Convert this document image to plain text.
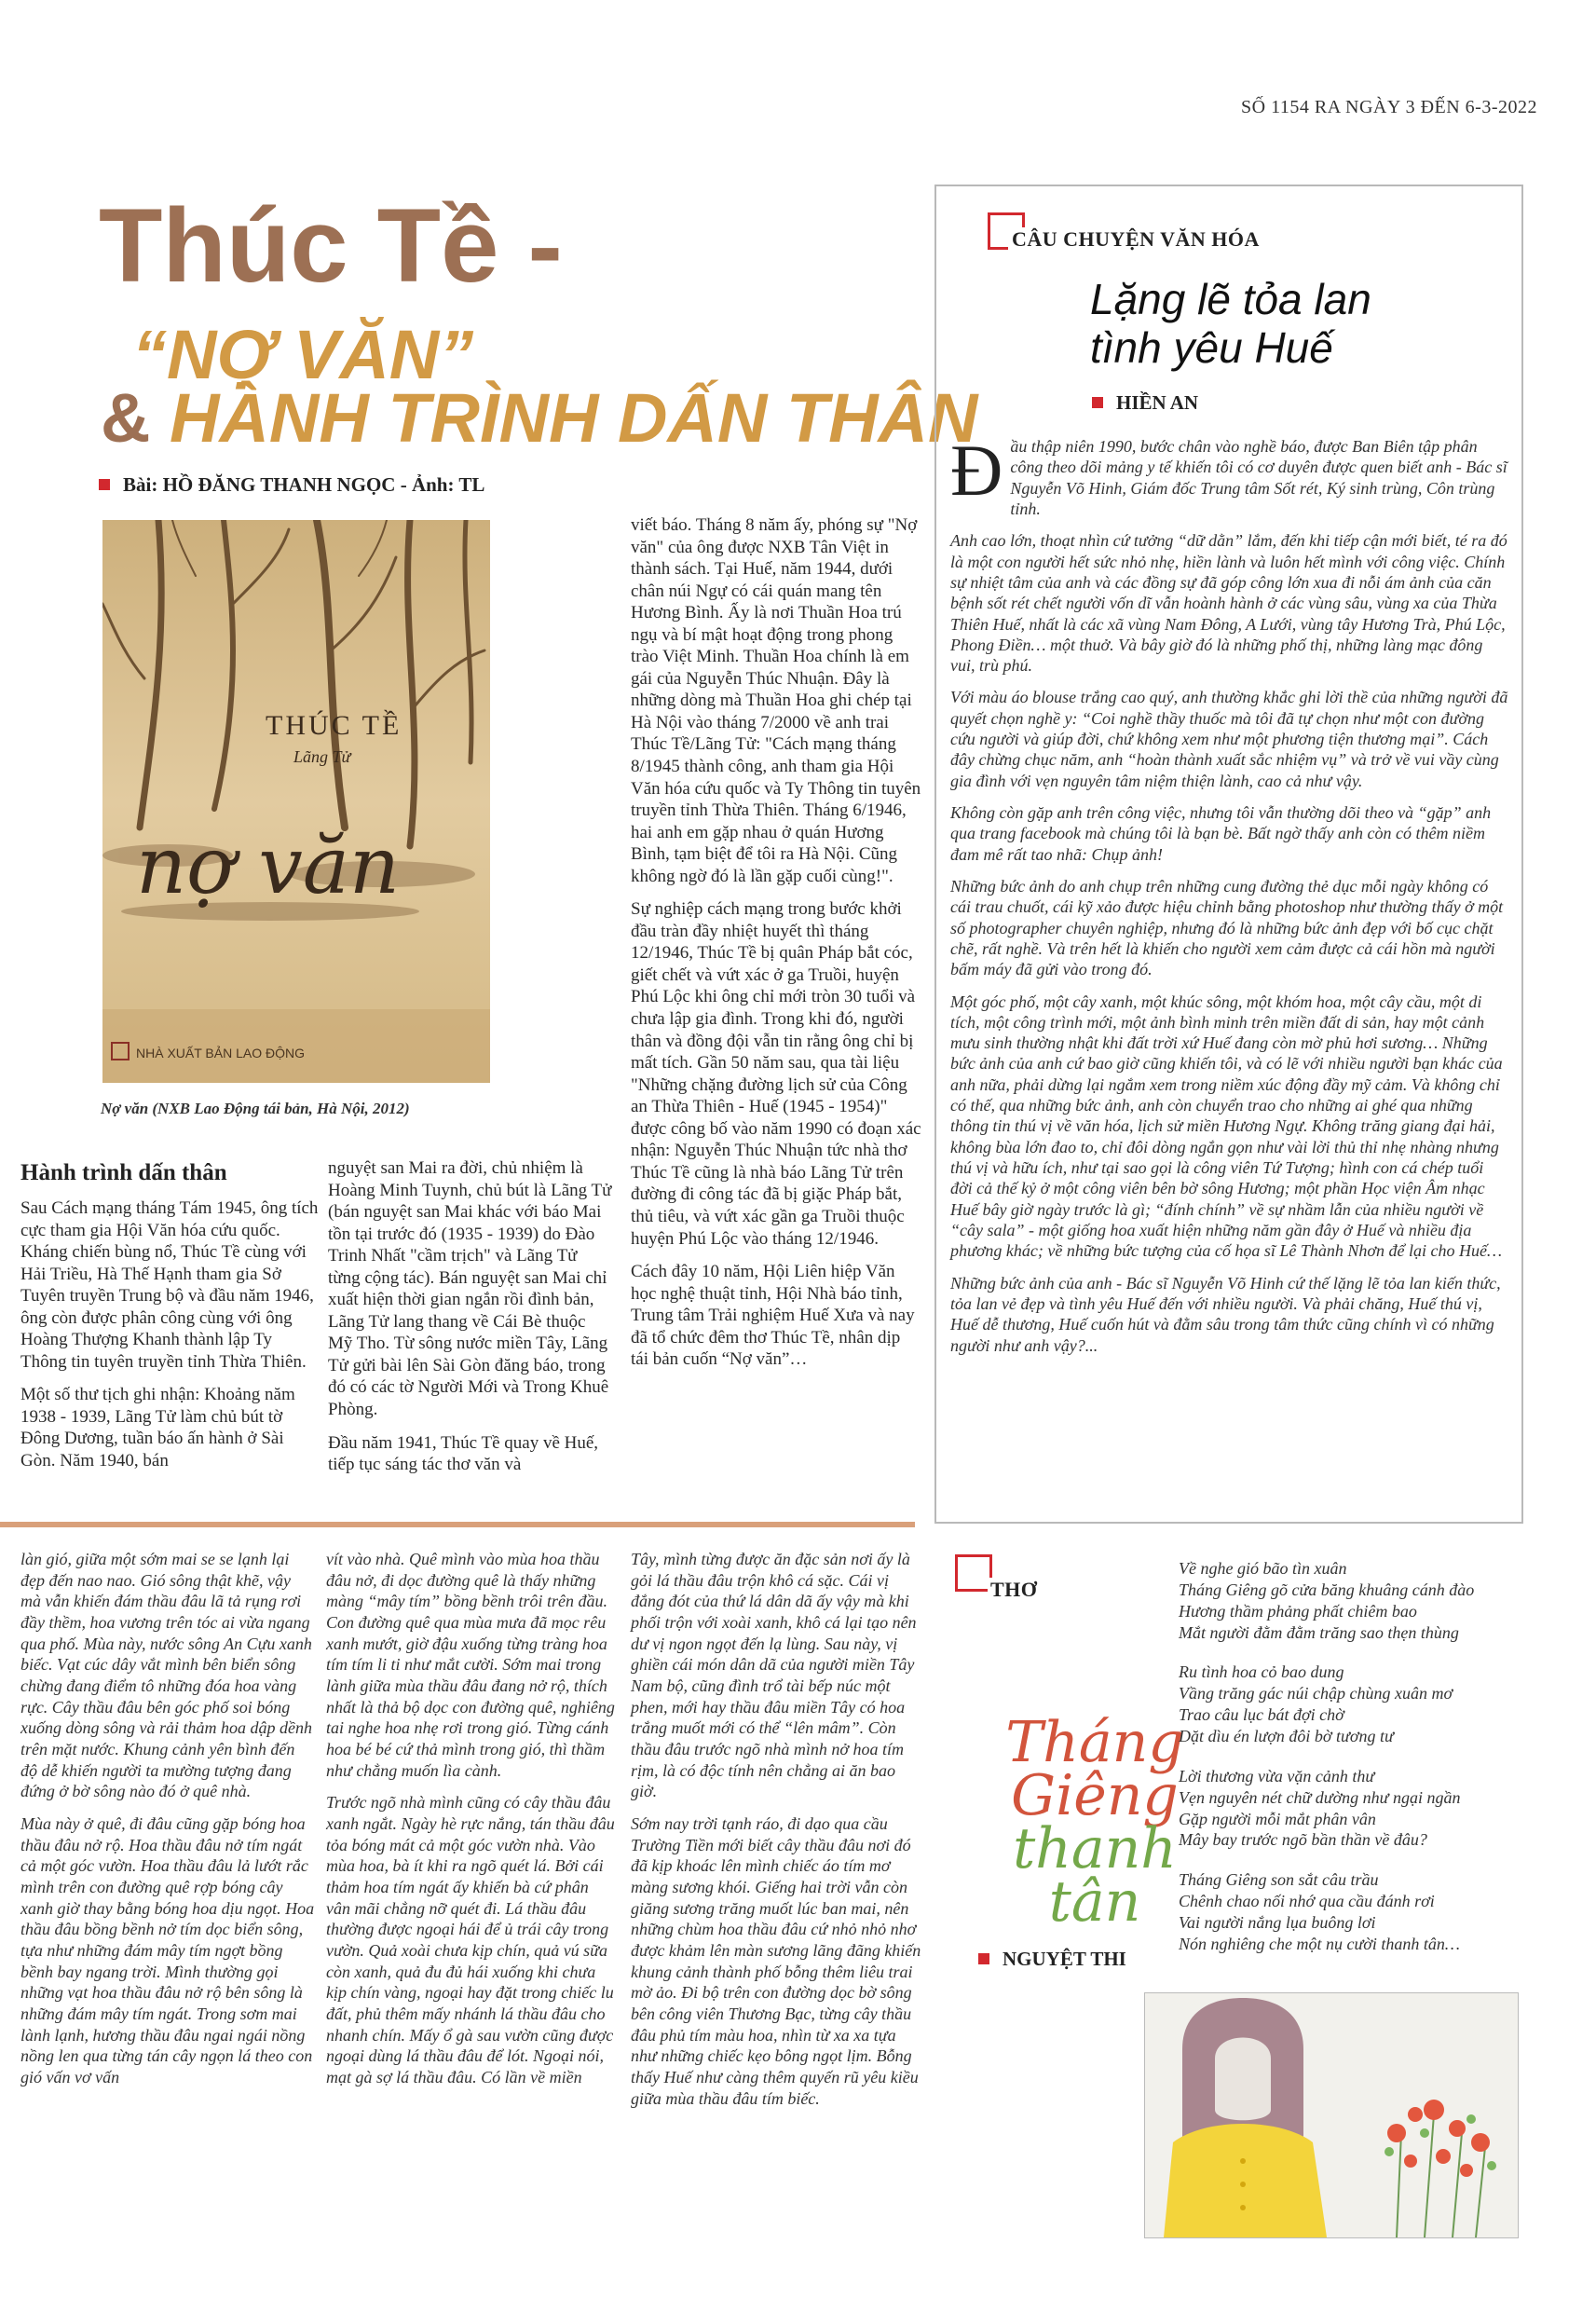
SỐ 1154 RA NGÀY 3 ĐẾN 6-3-2022
Thúc Tề -
“NỢ VĂN”
& HÀNH TRÌNH DẤN THÂN
Bài: HỒ ĐĂNG THANH NGỌC - Ảnh: TL
THÚC TỀ
Lãng Tử
nợ văn
NHÀ XUẤT BẢN LAO ĐỘNG
Nợ văn (NXB Lao Động tái bản, Hà Nội, 2012)
Hành trình dấn thân

Sau Cách mạng tháng Tám 1945, ông tích cực tham gia Hội Văn hóa cứu quốc. Kháng chiến bùng nổ, Thúc Tề cùng với Hải Triều, Hà Thế Hạnh tham gia Sở Tuyên truyền Trung bộ và đầu năm 1946, ông còn được phân công cùng với ông Hoàng Thượng Khanh thành lập Ty Thông tin tuyên truyền tỉnh Thừa Thiên.

Một số thư tịch ghi nhận: Khoảng năm 1938 - 1939, Lãng Tử làm chủ bút tờ Đông Dương, tuần báo ấn hành ở Sài Gòn. Năm 1940, bán

nguyệt san Mai ra đời, chủ nhiệm là Hoàng Minh Tuynh, chủ bút là Lãng Tử (bán nguyệt san Mai khác với báo Mai tồn tại trước đó (1935 - 1939) do Đào Trinh Nhất "cầm trịch" và Lãng Tử từng cộng tác). Bán nguyệt san Mai chỉ xuất hiện thời gian ngắn rồi đình bản, Lãng Tử lang thang về Cái Bè thuộc Mỹ Tho. Từ sông nước miền Tây, Lãng Tử gửi bài lên Sài Gòn đăng báo, trong đó có các tờ Người Mới và Trong Khuê Phòng.

Đầu năm 1941, Thúc Tề quay về Huế, tiếp tục sáng tác thơ văn và

viết báo. Tháng 8 năm ấy, phóng sự "Nợ văn" của ông được NXB Tân Việt in thành sách. Tại Huế, năm 1944, dưới chân núi Ngự có cái quán mang tên Hương Bình. Ấy là nơi Thuần Hoa trú ngụ và bí mật hoạt động trong phong trào Việt Minh. Thuần Hoa chính là em gái của Nguyễn Thúc Nhuận. Đây là những dòng mà Thuần Hoa ghi chép tại Hà Nội vào tháng 7/2000 về anh trai Thúc Tề/Lãng Tử: "Cách mạng tháng 8/1945 thành công, anh tham gia Hội Văn hóa cứu quốc và Ty Thông tin tuyên truyền tỉnh Thừa Thiên. Tháng 6/1946, hai anh em gặp nhau ở quán Hương Bình, tạm biệt để tôi ra Hà Nội. Cũng không ngờ đó là lần gặp cuối cùng!".

Sự nghiệp cách mạng trong bước khởi đầu tràn đầy nhiệt huyết thì tháng 12/1946, Thúc Tề bị quân Pháp bắt cóc, giết chết và vứt xác ở ga Truồi, huyện Phú Lộc khi ông chỉ mới tròn 30 tuổi và chưa lập gia đình. Trong khi đó, người thân và đồng đội vẫn tin rằng ông chỉ bị mất tích. Gần 50 năm sau, qua tài liệu "Những chặng đường lịch sử của Công an Thừa Thiên - Huế (1945 - 1954)" được công bố vào năm 1990 có đoạn xác nhận: Nguyễn Thúc Nhuận tức nhà thơ Thúc Tề cũng là nhà báo Lãng Tử trên đường đi công tác đã bị giặc Pháp bắt, thủ tiêu, và vứt xác gần ga Truồi thuộc huyện Phú Lộc vào tháng 12/1946.

Cách đây 10 năm, Hội Liên hiệp Văn học nghệ thuật tỉnh, Hội Nhà báo tỉnh, Trung tâm Trải nghiệm Huế Xưa và nay đã tổ chức đêm thơ Thúc Tề, nhân dịp tái bản cuốn “Nợ văn”…

CÂU CHUYỆN VĂN HÓA
Lặng lẽ tỏa lan
tình yêu Huế
HIỀN AN

Đầu thập niên 1990, bước chân vào nghề báo, được Ban Biên tập phân công theo dõi mảng y tế khiến tôi có cơ duyên được quen biết anh - Bác sĩ Nguyễn Võ Hinh, Giám đốc Trung tâm Sốt rét, Ký sinh trùng, Côn trùng tỉnh.

Anh cao lớn, thoạt nhìn cứ tưởng “dữ dằn” lắm, đến khi tiếp cận mới biết, té ra đó là một con người hết sức nhỏ nhẹ, hiền lành và luôn hết mình với công việc. Chính sự nhiệt tâm của anh và các đồng sự đã góp công lớn xua đi nỗi ám ảnh của căn bệnh sốt rét chết người vốn dĩ vẫn hoành hành ở các vùng sâu, vùng xa của Thừa Thiên Huế, nhất là các xã vùng Nam Đông, A Lưới, vùng tây Hương Trà, Phú Lộc, Phong Điền… một thuở. Và bây giờ đó là những phố thị, những làng mạc đông vui, trù phú.

Với màu áo blouse trắng cao quý, anh thường khắc ghi lời thề của những người đã quyết chọn nghề y: “Coi nghề thầy thuốc mà tôi đã tự chọn như một con đường cứu người và giúp đời, chứ không xem như một phương tiện thương mại”. Cách đây chừng chục năm, anh “hoàn thành xuất sắc nhiệm vụ” và trở về vui vầy cùng gia đình với vẹn nguyên tâm niệm thiện lành, cao cả như vậy.

Không còn gặp anh trên công việc, nhưng tôi vẫn thường dõi theo và “gặp” anh qua trang facebook mà chúng tôi là bạn bè. Bất ngờ thấy anh còn có thêm niềm đam mê rất tao nhã: Chụp ảnh!

Những bức ảnh do anh chụp trên những cung đường thẻ dục mỗi ngày không có cái trau chuốt, cái kỹ xảo được hiệu chỉnh bằng photoshop như thường thấy ở một số photographer chuyên nghiệp, nhưng đó là những bức ảnh đẹp với bố cục chặt chẽ, rất nghề. Và trên hết là khiến cho người xem cảm được cả cái hồn mà người bấm máy đã gửi vào trong đó.

Một góc phố, một cây xanh, một khúc sông, một khóm hoa, một cây cầu, một di tích, một công trình mới, một ảnh bình minh trên miền đất di sản, hay một cảnh mưu sinh thường nhật khi đất trời xứ Huế đang còn mờ phủ hơi sương… Những bức ảnh của anh cứ bao giờ cũng khiến tôi, và có lẽ với nhiều người bạn khác của anh nữa, phải dừng lại ngắm xem trong niềm xúc động đầy mỹ cảm. Và không chỉ có thế, qua những bức ảnh, anh còn chuyển trao cho những ai ghé qua những thông tin thú vị về văn hóa, lịch sử miền Hương Ngự. Không trăng giang đại hải, không bùa lớn đao to, chỉ đôi dòng ngắn gọn như vài lời thủ thỉ nhẹ nhàng nhưng thú vị và hữu ích, như tại sao gọi là công viên Tứ Tượng; hình con cá chép tuổi đời cả thế kỷ ở một công viên bên bờ sông Hương; một phần Học viện Âm nhạc Huế bây giờ ngày trước là gì; “đính chính” về sự nhầm lẫn của nhiều người về “cây sala” - một giống hoa xuất hiện những năm gần đây ở Huế và nhiều địa phương khác; về những bức tượng của cố họa sĩ Lê Thành Nhơn để lại cho Huế…

Những bức ảnh của anh - Bác sĩ Nguyễn Võ Hinh cứ thế lặng lẽ tỏa lan kiến thức, tỏa lan vẻ đẹp và tình yêu Huế đến với nhiều người. Và phải chăng, Huế thú vị, Huế dễ thương, Huế cuốn hút và đằm sâu trong tâm thức cũng chính vì có những người như anh vậy?...

làn gió, giữa một sớm mai se se lạnh lại đẹp đến nao nao. Gió sông thật khẽ, vậy mà vẫn khiến đám thầu đâu lã tả rụng rơi đầy thềm, hoa vương trên tóc ai vừa ngang qua phố. Mùa này, nước sông An Cựu xanh biếc. Vạt cúc dây vắt mình bên biển sông chừng đang điểm tô những đóa hoa vàng rực. Cây thầu đâu bên góc phố soi bóng xuống dòng sông và rải thảm hoa dập dềnh trên mặt nước. Khung cảnh yên bình đến độ dễ khiến người ta mường tượng đang đứng ở bờ sông nào đó ở quê nhà.

Mùa này ở quê, đi đâu cũng gặp bóng hoa thầu đâu nở rộ. Hoa thầu đâu nở tím ngát cả một góc vườn. Hoa thầu đâu lả lướt rắc mình trên con đường quê rợp bóng cây xanh giờ thay bằng bóng hoa dịu ngọt. Hoa thầu đâu bồng bềnh nở tím dọc biển sông, tựa như những đám mây tím ngợt bồng bềnh bay ngang trời. Mình thường gọi những vạt hoa thầu đâu nở rộ bên sông là những đám mây tím ngát. Trong sơm mai lành lạnh, hương thầu đâu ngai ngái nồng nồng len qua từng tán cây ngọn lá theo con gió vấn vơ vấn

vít vào nhà. Quê mình vào mùa hoa thầu đâu nở, đi dọc đường quê là thấy những màng “mây tím” bồng bềnh trôi trên đầu. Con đường quê qua mùa mưa đã mọc rêu xanh mướt, giờ đậu xuống từng tràng hoa tím tím li ti như mắt cười. Sớm mai trong lành giữa mùa thầu đâu đang nở rộ, thích nhất là thả bộ dọc con đường quê, nghiêng tai nghe hoa nhẹ rơi trong gió. Từng cánh hoa bé bé cứ thả mình trong gió, thì thầm như chẳng muốn lìa cành.

Trước ngõ nhà mình cũng có cây thầu đâu xanh ngắt. Ngày hè rực nắng, tán thầu đâu tỏa bóng mát cả một góc vườn nhà. Vào mùa hoa, bà ít khi ra ngõ quét lá. Bởi cái thảm hoa tím ngát ấy khiến bà cứ phân vân mãi chẳng nỡ quét đi. Lá thầu đâu thường được ngoại hái để ủ trái cây trong vườn. Quả xoài chưa kịp chín, quả vú sữa còn xanh, quả đu đủ hái xuống khi chưa kịp chín vàng, ngoại hay đặt trong chiếc lu đất, phủ thêm mấy nhánh lá thầu đâu cho nhanh chín. Mấy ổ gà sau vườn cũng được ngoại dùng lá thầu đâu để lót. Ngoại nói, mạt gà sợ lá thầu đâu. Có lần về miền

Tây, mình từng được ăn đặc sản nơi ấy là gỏi lá thầu đâu trộn khô cá sặc. Cái vị đắng đót của thứ lá dân dã ấy vậy mà khi phối trộn với xoài xanh, khô cá lại tạo nên dư vị ngon ngọt đến lạ lùng. Sau này, vị ghiền cái món dân dã của người miền Tây Nam bộ, cũng đình trổ tài bếp núc một phen, mới hay thầu đâu miền Tây có hoa trắng muốt mới có thể “lên mâm”. Còn thầu đâu trước ngõ nhà mình nở hoa tím rịm, là có độc tính nên chẳng ai ăn bao giờ.

Sớm nay trời tạnh ráo, đi dạo qua cầu Trường Tiền mới biết cây thầu đâu nơi đó đã kịp khoác lên mình chiếc áo tím mơ màng sương khói. Giếng hai trời vẫn còn giăng sương trăng muốt lúc ban mai, nên những chùm hoa thầu đâu cứ nhỏ nhỏ nhơ được khảm lên màn sương lãng đãng khiến khung cảnh thành phố bỗng thêm liêu trai mờ ảo. Đi bộ trên con đường dọc bờ sông bên công viên Thương Bạc, từng cây thầu đâu phủ tím màu hoa, nhìn từ xa xa tựa như những chiếc kẹo bông ngọt lịm. Bỗng thấy Huế như càng thêm quyến rũ yêu kiều giữa mùa thầu đâu tím biếc.

THƠ
Tháng
Giêng
thanh
tân
NGUYỆT THI
Về nghe gió bão tìn xuân
Tháng Giêng gõ cửa băng khuâng cánh đào
Hương thầm phảng phất chiêm bao
Mắt người đằm đằm trăng sao thẹn thùng
Ru tình hoa cỏ bao dung
Vầng trăng gác núi chập chùng xuân mơ
Trao câu lục bát đợi chờ
Dặt dìu én lượn đôi bờ tương tư
Lời thương vừa vặn cảnh thư
Vẹn nguyên nét chữ dường như ngại ngần
Gặp người mỗi mắt phân vân
Mây bay trước ngõ bần thần về đâu?
Tháng Giêng son sắt câu trầu
Chênh chao nối nhớ qua cầu đánh rơi
Vai người nắng lụa buông lơi
Nón nghiêng che một nụ cười thanh tân…
